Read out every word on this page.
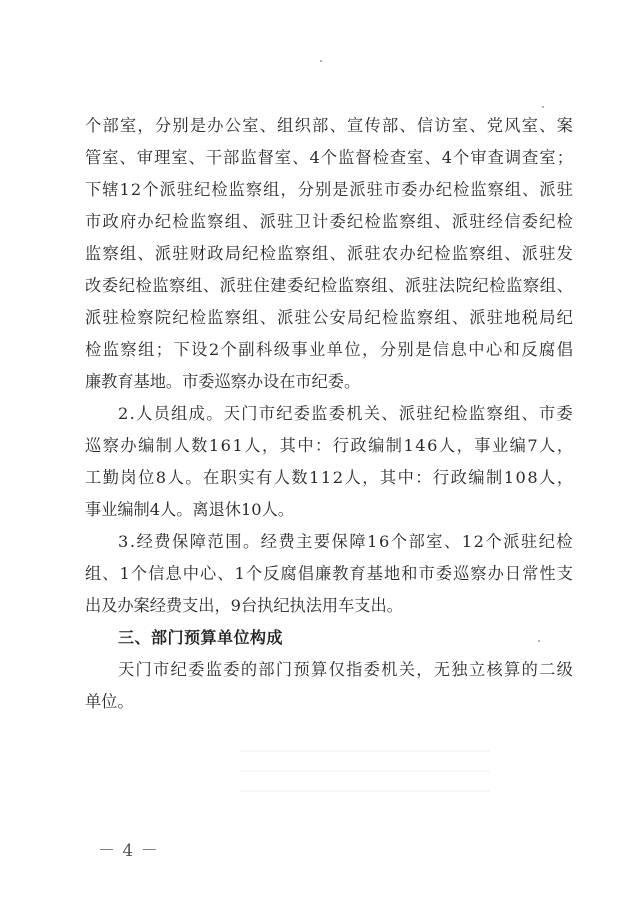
个 部 室 ， 分 别 是 办 公 室 、 组 织 部 、 宣 传 部 、 信 访 室 、 党 风 室 、 案
管 室 、 审 理 室 、 干 部 监 督 室 、 4 个 监 督 检 查 室 、 4 个 审 查 调 查 室 ；
下 辖 1 2 个 派 驻 纪 检 监 察 组 ， 分 别 是 派 驻 市 委 办 纪 检 监 察 组 、 派 驻
市 政 府 办 纪 检 监 察 组 、 派 驻 卫 计 委 纪 检 监 察 组 、 派 驻 经 信 委 纪 检
监 察 组 、 派 驻 财 政 局 纪 检 监 察 组 、 派 驻 农 办 纪 检 监 察 组 、 派 驻 发
改 委 纪 检 监 察 组 、 派 驻 住 建 委 纪 检 监 察 组 、 派 驻 法 院 纪 检 监 察 组 、
派 驻 检 察 院 纪 检 监 察 组 、 派 驻 公 安 局 纪 检 监 察 组 、 派 驻 地 税 局 纪
检 监 察 组 ； 下 设 2 个 副 科 级 事 业 单 位 ， 分 别 是 信 息 中 心 和 反 腐 倡
廉教育基地。市委巡察办设在市纪委。
2 . 人 员 组 成 。 天 门 市 纪 委 监 委 机 关 、 派 驻 纪 检 监 察 组 、 市 委
巡 察 办 编 制 人 数 1 6 1 人 ， 其 中 ： 行 政 编 制 1 4 6 人 ， 事 业 编 7 人 ，
工 勤 岗 位 8 人 。 在 职 实 有 人 数 1 1 2 人 ， 其 中 ： 行 政 编 制 1 0 8 人 ，
事业编制4人。离退休10人。
3 . 经 费 保 障 范 围 。 经 费 主 要 保 障 1 6 个 部 室 、 1 2 个 派 驻 纪 检
组 、 1 个 信 息 中 心 、 1 个 反 腐 倡 廉 教 育 基 地 和 市 委 巡 察 办 日 常 性 支
出及办案经费支出，9台执纪执法用车支出。
三、部门预算单位构成
天 门 市 纪 委 监 委 的 部 门 预 算 仅 指 委 机 关 ， 无 独 立 核 算 的 二 级
单位。
－ 4 －
